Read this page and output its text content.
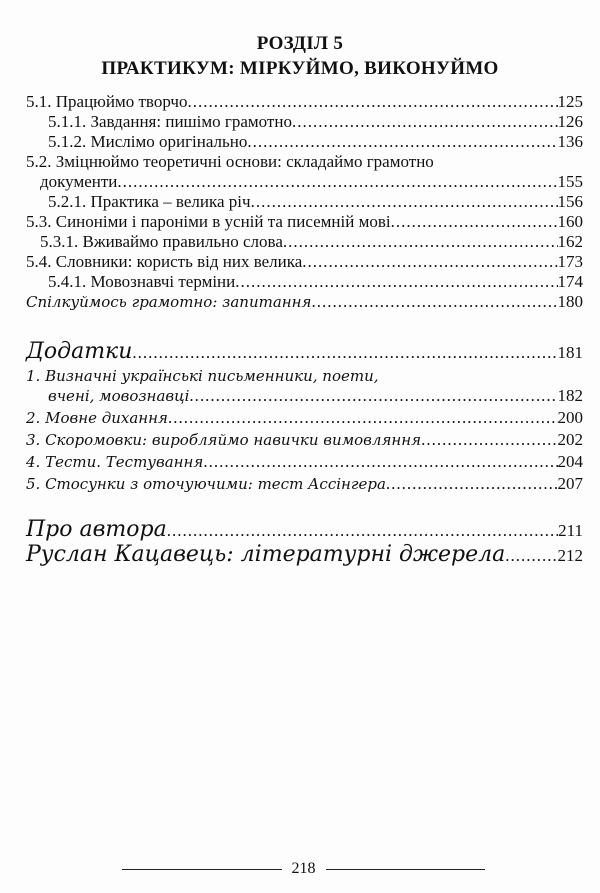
РОЗДІЛ 5
ПРАКТИКУМ: МІРКУЙМО, ВИКОНУЙМО
5.1. Працюймо творчо .....	125
5.1.1. Завдання: пишімо грамотно .....	126
5.1.2. Мислімо оригінально .....	136
5.2. Зміцнюймо теоретичні основи: складаймо грамотно
документи .....	155
5.2.1. Практика – велика річ .....	156
5.3. Синоніми і пароніми в усній та писемній мові .....	160
5.3.1. Вживаймо правильно слова .....	162
5.4. Словники: користь від них велика .....	173
5.4.1. Мовознавчі терміни .....	174
Спілкуймось грамотно: запитання .....	180
Додатки .....	181
1. Визначні українські письменники, поети,
вчені, мовознавці .....	182
2. Мовне дихання .....	200
3. Скоромовки: виробляймо навички вимовляння .....	202
4. Тести. Тестування .....	204
5. Стосунки з оточуючими: тест Ассінгера .....	207
Про автора .....	211
Руслан Кацавець: літературні джерела .....	212
218
